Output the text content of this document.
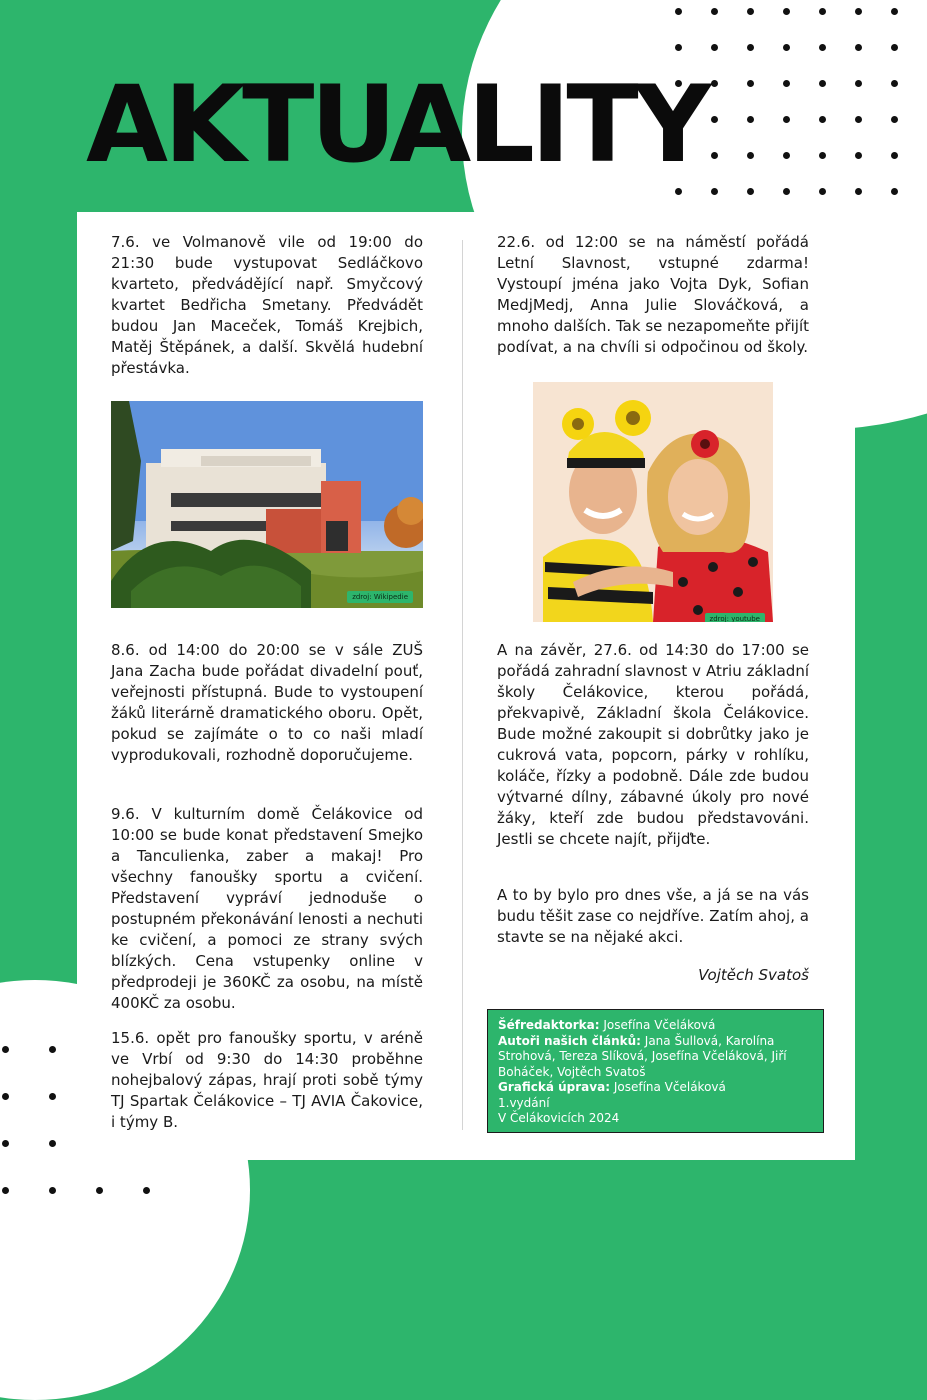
AKTUALITY

7.6. ve Volmanově vile od 19:00 do 21:30 bude vystupovat Sedláčkovo kvarteto, předvádějící např. Smyčcový kvartet Bedřicha Smetany. Předvádět budou Jan Maceček, Tomáš Krejbich, Matěj Štěpánek, a další. Skvělá hudební přestávka.

zdroj: Wikipedie

8.6. od 14:00 do 20:00 se v sále ZUŠ Jana Zacha bude pořádat divadelní pouť, veřejnosti přístupná. Bude to vystoupení žáků literárně dramatického oboru. Opět, pokud se zajímáte o to co naši mladí vyprodukovali, rozhodně doporučujeme.

9.6. V kulturním domě Čelákovice od 10:00 se bude konat představení Smejko a Tanculienka, zaber a makaj! Pro všechny fanoušky sportu a cvičení. Představení vypráví jednoduše o postupném překonávání lenosti a nechuti ke cvičení, a pomoci ze strany svých blízkých. Cena vstupenky online v předprodeji je 360KČ za osobu, na místě 400KČ za osobu.

15.6. opět pro fanoušky sportu, v aréně ve Vrbí od 9:30 do 14:30 proběhne nohejbalový zápas, hrají proti sobě týmy TJ Spartak Čelákovice – TJ AVIA Čakovice, i týmy B.

22.6. od 12:00 se na náměstí pořádá Letní Slavnost, vstupné zdarma! Vystoupí jména jako Vojta Dyk, Sofian MedjMedj, Anna Julie Slováčková, a mnoho dalších. Tak se nezapomeňte přijít podívat, a na chvíli si odpočinou od školy.

zdroj: youtube

A na závěr, 27.6. od 14:30 do 17:00 se pořádá zahradní slavnost v Atriu základní školy Čelákovice, kterou pořádá, překvapivě, Základní škola Čelákovice. Bude možné zakoupit si dobrůtky jako je cukrová vata, popcorn, párky v rohlíku, koláče, řízky a podobně. Dále zde budou výtvarné dílny, zábavné úkoly pro nové žáky, kteří zde budou představováni. Jestli se chcete najít, přijďte.

A to by bylo pro dnes vše, a já se na vás budu těšit zase co nejdříve. Zatím ahoj, a stavte se na nějaké akci.

Vojtěch Svatoš

Šéfredaktorka: Josefína Včeláková

Autoři našich článků: Jana Šullová, Karolína Strohová, Tereza Slíková, Josefína Včeláková, Jiří Boháček, Vojtěch Svatoš

Grafická úprava: Josefína Včeláková

1.vydání

V Čelákovicích 2024
